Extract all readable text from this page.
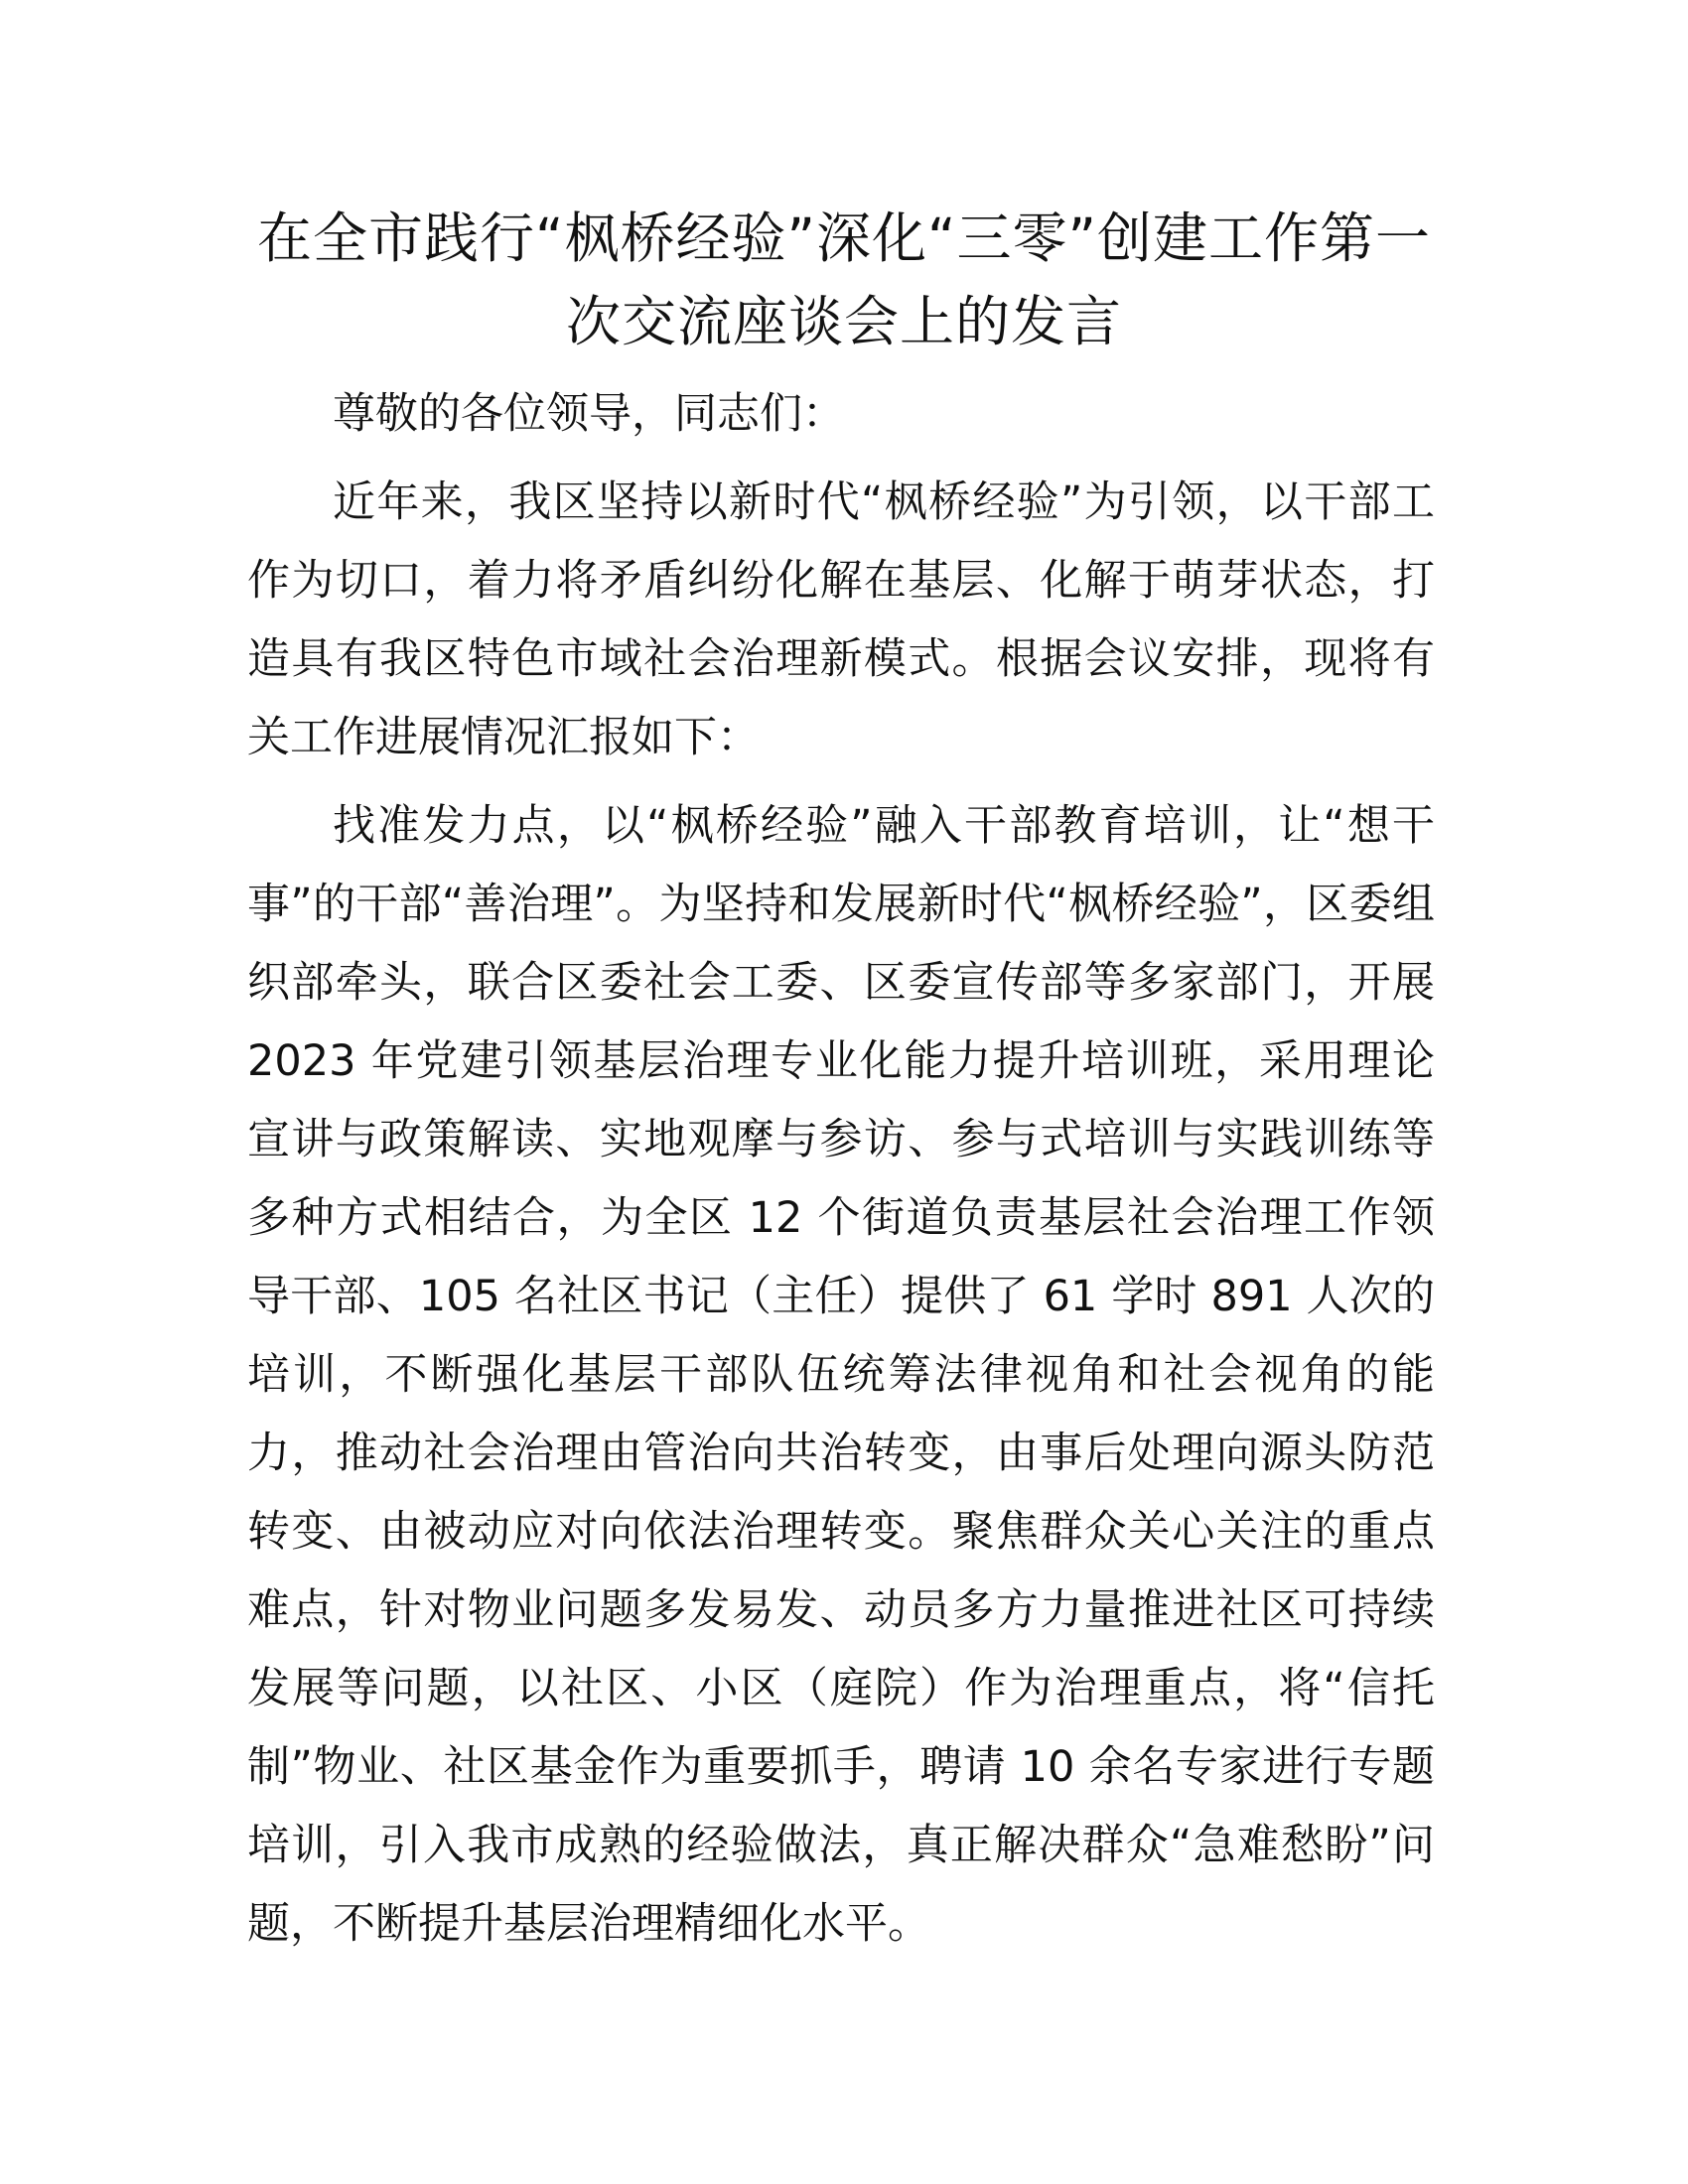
在全市践行“枫桥经验”深化“三零”创建工作第一次交流座谈会上的发言

尊敬的各位领导，同志们：

近年来，我区坚持以新时代“枫桥经验”为引领，以干部工作为切口，着力将矛盾纠纷化解在基层、化解于萌芽状态，打造具有我区特色市域社会治理新模式。根据会议安排，现将有关工作进展情况汇报如下：

找准发力点，以“枫桥经验”融入干部教育培训，让“想干事”的干部“善治理”。为坚持和发展新时代“枫桥经验”，区委组织部牵头，联合区委社会工委、区委宣传部等多家部门，开展 2023 年党建引领基层治理专业化能力提升培训班，采用理论宣讲与政策解读、实地观摩与参访、参与式培训与实践训练等多种方式相结合，为全区 12 个街道负责基层社会治理工作领导干部、105 名社区书记（主任）提供了 61 学时 891 人次的培训，不断强化基层干部队伍统筹法律视角和社会视角的能力，推动社会治理由管治向共治转变，由事后处理向源头防范转变、由被动应对向依法治理转变。聚焦群众关心关注的重点难点，针对物业问题多发易发、动员多方力量推进社区可持续发展等问题，以社区、小区（庭院）作为治理重点，将“信托制”物业、社区基金作为重要抓手，聘请 10 余名专家进行专题培训，引入我市成熟的经验做法，真正解决群众“急难愁盼”问题，不断提升基层治理精细化水平。
